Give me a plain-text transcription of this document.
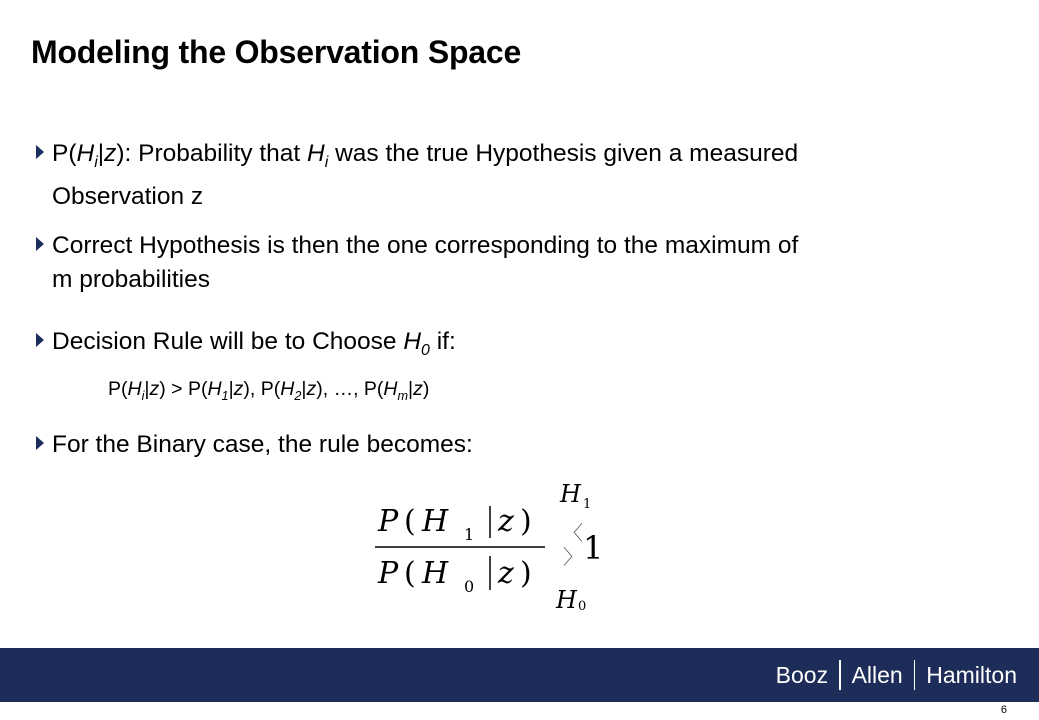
Modeling the Observation Space
$P(H_i|z)$: Probability that $H_i$ was the true Hypothesis given a measured
Observation z
Correct Hypothesis is then the one corresponding to the maximum of
m probabilities
Decision Rule will be to Choose $H_0$ if:
$P(H_i|z) > P(H_1|z)$, $P(H_2|z)$, …, $P(H_m|z)$
For the Binary case, the rule becomes:
P ( H 1 z )
P ( H 0 z )
H 1
〈
〉 1
H 0
Booz Allen Hamilton
6
